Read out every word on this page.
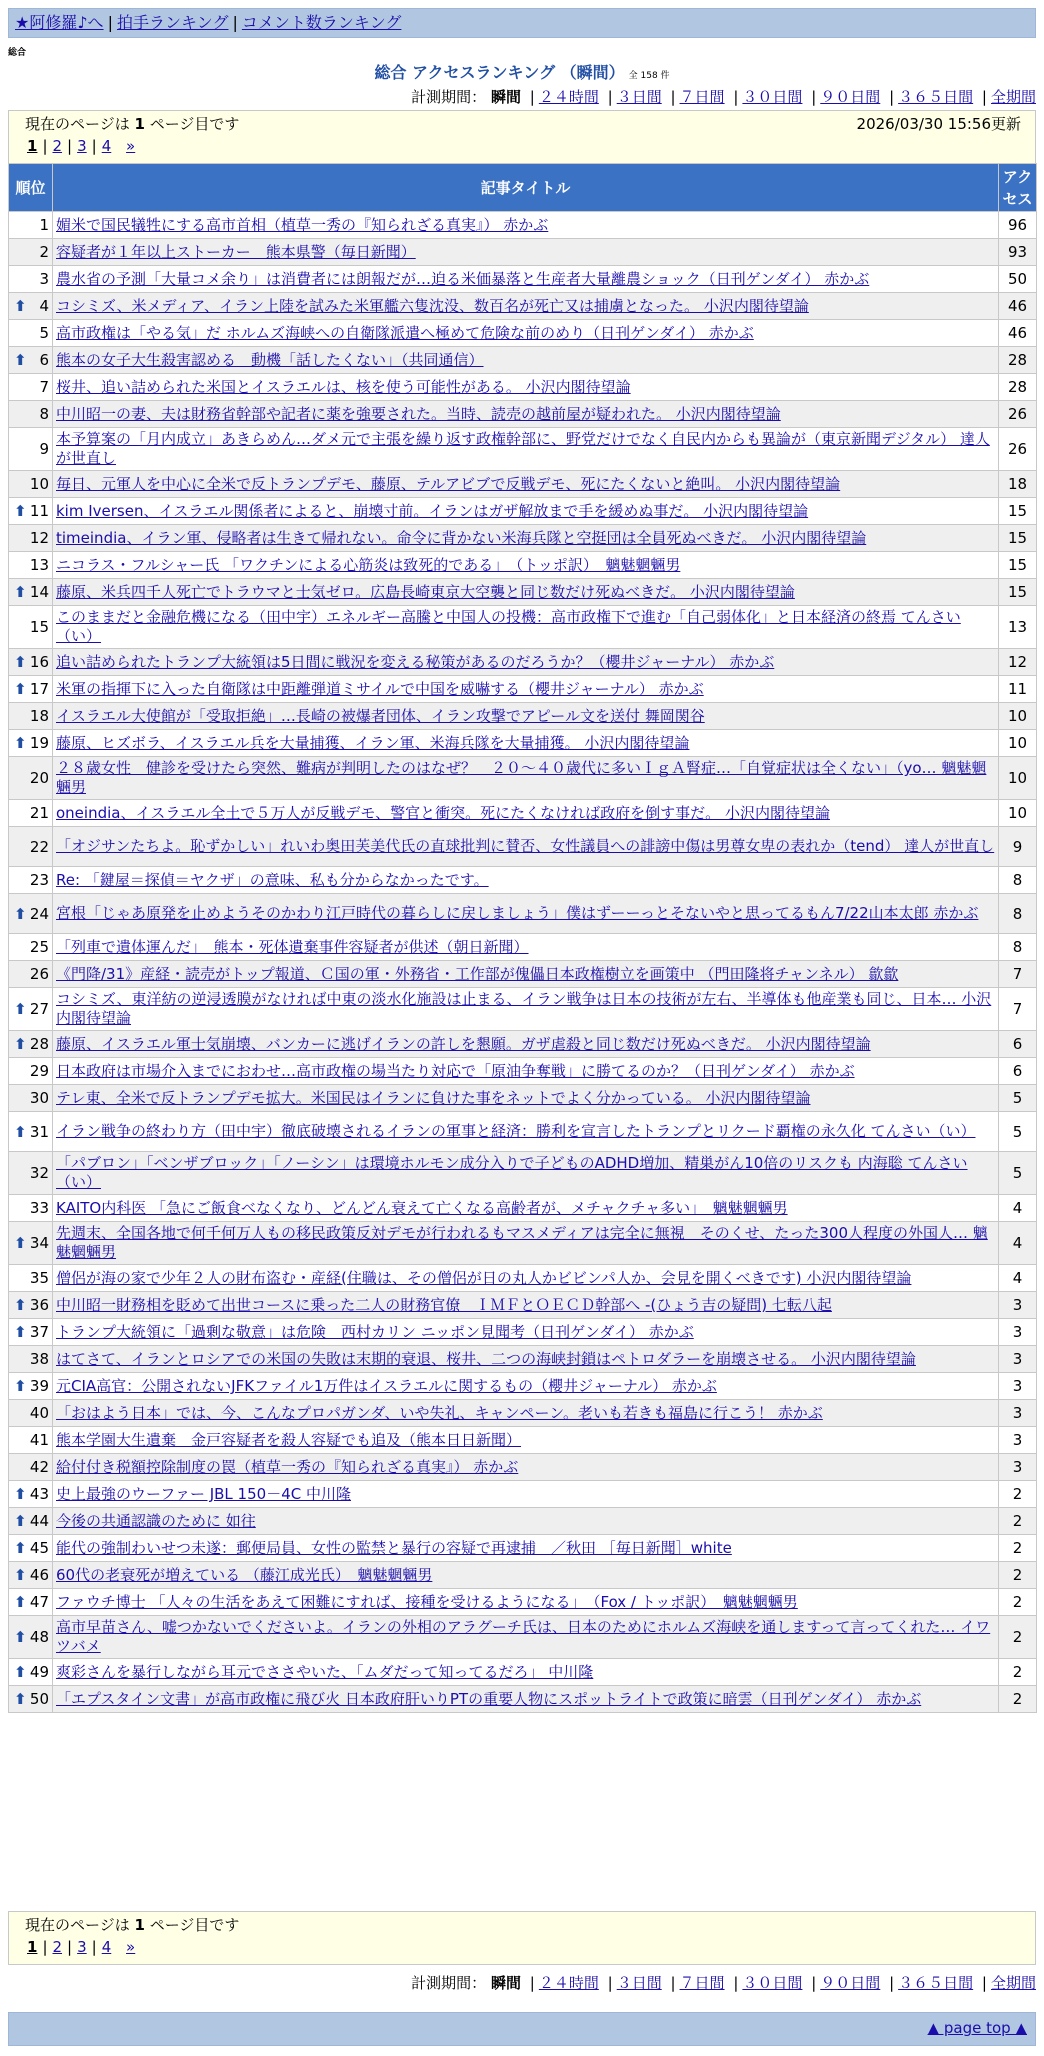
★阿修羅♪へ | 拍手ランキング | コメント数ランキング
総合
総合 アクセスランキング （瞬間） 全 158 件
計測期間： 瞬間 | ２４時間 | ３日間 | ７日間 | ３０日間 | ９０日間 | ３６５日間 | 全期間
現在のページは 1 ページ目です	2026/03/30 15:56更新
1 | 2 | 3 | 4 »
順位	記事タイトル	アクセス
1	媚米で国民犠牲にする高市首相（植草一秀の『知られざる真実』） 赤かぶ	96
2	容疑者が１年以上ストーカー　熊本県警（毎日新聞）	93
3	農水省の予測「大量コメ余り」は消費者には朗報だが…迫る米価暴落と生産者大量離農ショック（日刊ゲンダイ） 赤かぶ	50

⬆ 4	コシミズ、米メディア、イラン上陸を試みた米軍艦六隻沈没、数百名が死亡又は捕虜となった。 小沢内閣待望論	46
5	高市政権は「やる気」だ ホルムズ海峡への自衛隊派遣へ極めて危険な前のめり（日刊ゲンダイ） 赤かぶ	46

⬆ 6	熊本の女子大生殺害認める　動機「話したくない」（共同通信）	28
7	桜井、追い詰められた米国とイスラエルは、核を使う可能性がある。 小沢内閣待望論	28
8	中川昭一の妻、夫は財務省幹部や記者に薬を強要された。当時、読売の越前屋が疑われた。 小沢内閣待望論	26
9	本予算案の「月内成立」あきらめん…ダメ元で主張を繰り返す政権幹部に、野党だけでなく自民内からも異論が（東京新聞デジタル） 達人が世直し	26
10	毎日、元軍人を中心に全米で反トランプデモ、藤原、テルアビブで反戦デモ、死にたくないと絶叫。 小沢内閣待望論	18

⬆ 11	kim Iversen、イスラエル関係者によると、崩壊寸前。イランはガザ解放まで手を緩めぬ事だ。 小沢内閣待望論	15
12	timeindia、イラン軍、侵略者は生きて帰れない。命令に背かない米海兵隊と空挺団は全員死ぬべきだ。 小沢内閣待望論	15
13	ニコラス・フルシャー氏 「ワクチンによる心筋炎は致死的である」　（トッポ訳）　魑魅魍魎男	15

⬆ 14	藤原、米兵四千人死亡でトラウマと士気ゼロ。広島長崎東京大空襲と同じ数だけ死ぬべきだ。 小沢内閣待望論	15
15	このままだと金融危機になる（田中宇）エネルギー高騰と中国人の投機：高市政権下で進む「自己弱体化」と日本経済の終焉 てんさい（い）	13

⬆ 16	追い詰められたトランプ大統領は5日間に戦況を変える秘策があるのだろうか？（櫻井ジャーナル） 赤かぶ	12

⬆ 17	米軍の指揮下に入った自衛隊は中距離弾道ミサイルで中国を威嚇する（櫻井ジャーナル） 赤かぶ	11
18	イスラエル大使館が「受取拒絶」…長崎の被爆者団体、イラン攻撃でアピール文を送付 舞岡関谷	10

⬆ 19	藤原、ヒズボラ、イスラエル兵を大量捕獲、イラン軍、米海兵隊を大量捕獲。 小沢内閣待望論	10
20	２８歳女性　健診を受けたら突然、難病が判明したのはなぜ？　２０～４０歳代に多いＩｇＡ腎症…「自覚症状は全くない」（yo… 魑魅魍魎男	10
21	oneindia、イスラエル全土で５万人が反戦デモ、警官と衝突。死にたくなければ政府を倒す事だ。 小沢内閣待望論	10
22	「オジサンたちよ。恥ずかしい」れいわ奥田芙美代氏の直球批判に賛否、女性議員への誹謗中傷は男尊女卑の表れか（tend） 達人が世直し	9
23	Re: 「鍵屋＝探偵＝ヤクザ」の意味、私も分からなかったです。	8

⬆ 24	宮根「じゃあ原発を止めようそのかわり江戸時代の暮らしに戻しましょう」僕はずーーっとそないやと思ってるもん7/22山本太郎 赤かぶ	8
25	「列車で遺体運んだ」　熊本・死体遺棄事件容疑者が供述（朝日新聞）	8
26	《門降/31》産経・読売がトップ報道、Ｃ国の軍・外務省・工作部が傀儡日本政権樹立を画策中 （門田隆将チャンネル） 歙歙	7

⬆ 27	コシミズ、東洋紡の逆浸透膜がなければ中東の淡水化施設は止まる、イラン戦争は日本の技術が左右、半導体も他産業も同じ、日本… 小沢内閣待望論	7

⬆ 28	藤原、イスラエル軍士気崩壊、バンカーに逃げイランの許しを懇願。ガザ虐殺と同じ数だけ死ぬべきだ。 小沢内閣待望論	6
29	日本政府は市場介入までにおわせ…高市政権の場当たり対応で「原油争奪戦」に勝てるのか？（日刊ゲンダイ） 赤かぶ	6
30	テレ東、全米で反トランプデモ拡大。米国民はイランに負けた事をネットでよく分かっている。 小沢内閣待望論	5

⬆ 31	イラン戦争の終わり方（田中宇）徹底破壊されるイランの軍事と経済：勝利を宣言したトランプとリクード覇権の永久化 てんさい（い）	5
32	「パブロン」「ベンザブロック」「ノーシン」は環境ホルモン成分入りで子どものADHD増加、精巣がん10倍のリスクも 内海聡 てんさい（い）	5
33	KAITO内科医 「急にご飯食べなくなり、どんどん衰えて亡くなる高齢者が、メチャクチャ多い」　魑魅魍魎男	4

⬆ 34	先週末、全国各地で何千何万人もの移民政策反対デモが行われるもマスメディアは完全に無視　そのくせ、たった300人程度の外国人… 魑魅魍魎男	4
35	僧侶が海の家で少年２人の財布盗む・産経(住職は、その僧侶が日の丸人かビビンパ人か、会見を開くべきです) 小沢内閣待望論	4

⬆ 36	中川昭一財務相を貶めて出世コースに乗った二人の財務官僚　ＩＭＦとＯＥＣＤ幹部へ -(ひょう吉の疑問) 七転八起	3

⬆ 37	トランプ大統領に「過剰な敬意」は危険　西村カリン ニッポン見聞考（日刊ゲンダイ） 赤かぶ	3
38	はてさて、イランとロシアでの米国の失敗は末期的衰退、桜井、二つの海峡封鎖はペトロダラーを崩壊させる。 小沢内閣待望論	3

⬆ 39	元CIA高官：公開されないJFKファイル1万件はイスラエルに関するもの（櫻井ジャーナル） 赤かぶ	3
40	「おはよう日本」では、今、こんなプロパガンダ、いや失礼、キャンペーン。老いも若きも福島に行こう！ 赤かぶ	3
41	熊本学園大生遺棄　金戸容疑者を殺人容疑でも追及（熊本日日新聞）	3
42	給付付き税額控除制度の罠（植草一秀の『知られざる真実』） 赤かぶ	3

⬆ 43	史上最強のウーファー JBL 150－4C 中川隆	2

⬆ 44	今後の共通認識のために 如往	2

⬆ 45	能代の強制わいせつ未遂：郵便局員、女性の監禁と暴行の容疑で再逮捕　／秋田 ［毎日新聞］white	2

⬆ 46	60代の老衰死が増えている （藤江成光氏）　魑魅魍魎男	2

⬆ 47	ファウチ博士 「人々の生活をあえて困難にすれば、接種を受けるようになる」　（Fox / トッポ訳）　魑魅魍魎男	2

⬆ 48	高市早苗さん、嘘つかないでくださいよ。イランの外相のアラグーチ氏は、日本のためにホルムズ海峡を通しますって言ってくれた… イワツバメ	2

⬆ 49	爽彩さんを暴行しながら耳元でささやいた、「ムダだって知ってるだろ」 中川隆	2

⬆ 50	「エプスタイン文書」が高市政権に飛び火 日本政府肝いりPTの重要人物にスポットライトで政策に暗雲（日刊ゲンダイ） 赤かぶ	2
現在のページは 1 ページ目です
1 | 2 | 3 | 4 »
計測期間： 瞬間 | ２４時間 | ３日間 | ７日間 | ３０日間 | ９０日間 | ３６５日間 | 全期間
▲ page top ▲
